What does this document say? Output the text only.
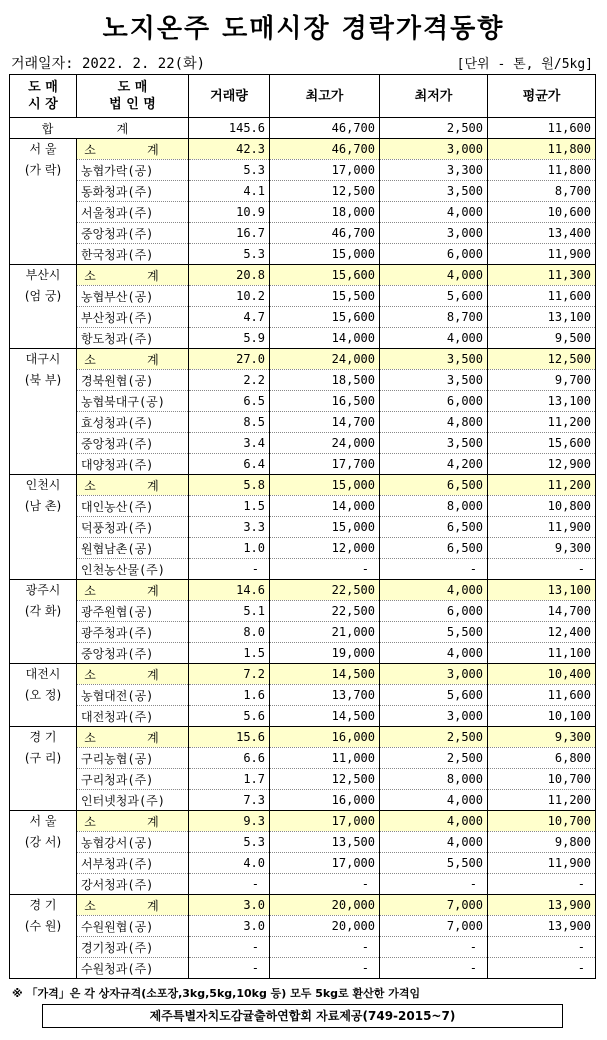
노지온주 도매시장 경락가격동향
거래일자: 2022. 2. 22(화)	[단위 - 톤, 원/5kg]
도 매
시 장	도 매
법 인 명	거래량	최고가	최저가	평균가
합 계		145.6	46,700	2,500	11,600
서 울
(가 락)	소 계	42.3	46,700	3,000	11,800
	농협가락(공)	5.3	17,000	3,300	11,800
	동화청과(주)	4.1	12,500	3,500	8,700
	서울청과(주)	10.9	18,000	4,000	10,600
	중앙청과(주)	16.7	46,700	3,000	13,400
	한국청과(주)	5.3	15,000	6,000	11,900
부산시
(엄 궁)	소 계	20.8	15,600	4,000	11,300
	농협부산(공)	10.2	15,500	5,600	11,600
	부산청과(주)	4.7	15,600	8,700	13,100
	항도청과(주)	5.9	14,000	4,000	9,500
대구시
(북 부)	소 계	27.0	24,000	3,500	12,500
	경북원협(공)	2.2	18,500	3,500	9,700
	농협북대구(공)	6.5	16,500	6,000	13,100
	효성청과(주)	8.5	14,700	4,800	11,200
	중앙청과(주)	3.4	24,000	3,500	15,600
	대양청과(주)	6.4	17,700	4,200	12,900
인천시
(남 촌)	소 계	5.8	15,000	6,500	11,200
	대인농산(주)	1.5	14,000	8,000	10,800
	덕풍청과(주)	3.3	15,000	6,500	11,900
	원협남촌(공)	1.0	12,000	6,500	9,300
	인천농산물(주)	-	-	-	-
광주시
(각 화)	소 계	14.6	22,500	4,000	13,100
	광주원협(공)	5.1	22,500	6,000	14,700
	광주청과(주)	8.0	21,000	5,500	12,400
	중앙청과(주)	1.5	19,000	4,000	11,100
대전시
(오 정)	소 계	7.2	14,500	3,000	10,400
	농협대전(공)	1.6	13,700	5,600	11,600
	대전청과(주)	5.6	14,500	3,000	10,100
경 기
(구 리)	소 계	15.6	16,000	2,500	9,300
	구리농협(공)	6.6	11,000	2,500	6,800
	구리청과(주)	1.7	12,500	8,000	10,700
	인터넷청과(주)	7.3	16,000	4,000	11,200
서 울
(강 서)	소 계	9.3	17,000	4,000	10,700
	농협강서(공)	5.3	13,500	4,000	9,800
	서부청과(주)	4.0	17,000	5,500	11,900
	강서청과(주)	-	-	-	-
경 기
(수 원)	소 계	3.0	20,000	7,000	13,900
	수원원협(공)	3.0	20,000	7,000	13,900
	경기청과(주)	-	-	-	-
	수원청과(주)	-	-	-	-
※ 「가격」은 각 상자규격(소포장,3kg,5kg,10kg 등) 모두 5kg로 환산한 가격임
제주특별자치도감귤출하연합회 자료제공(749-2015~7)
